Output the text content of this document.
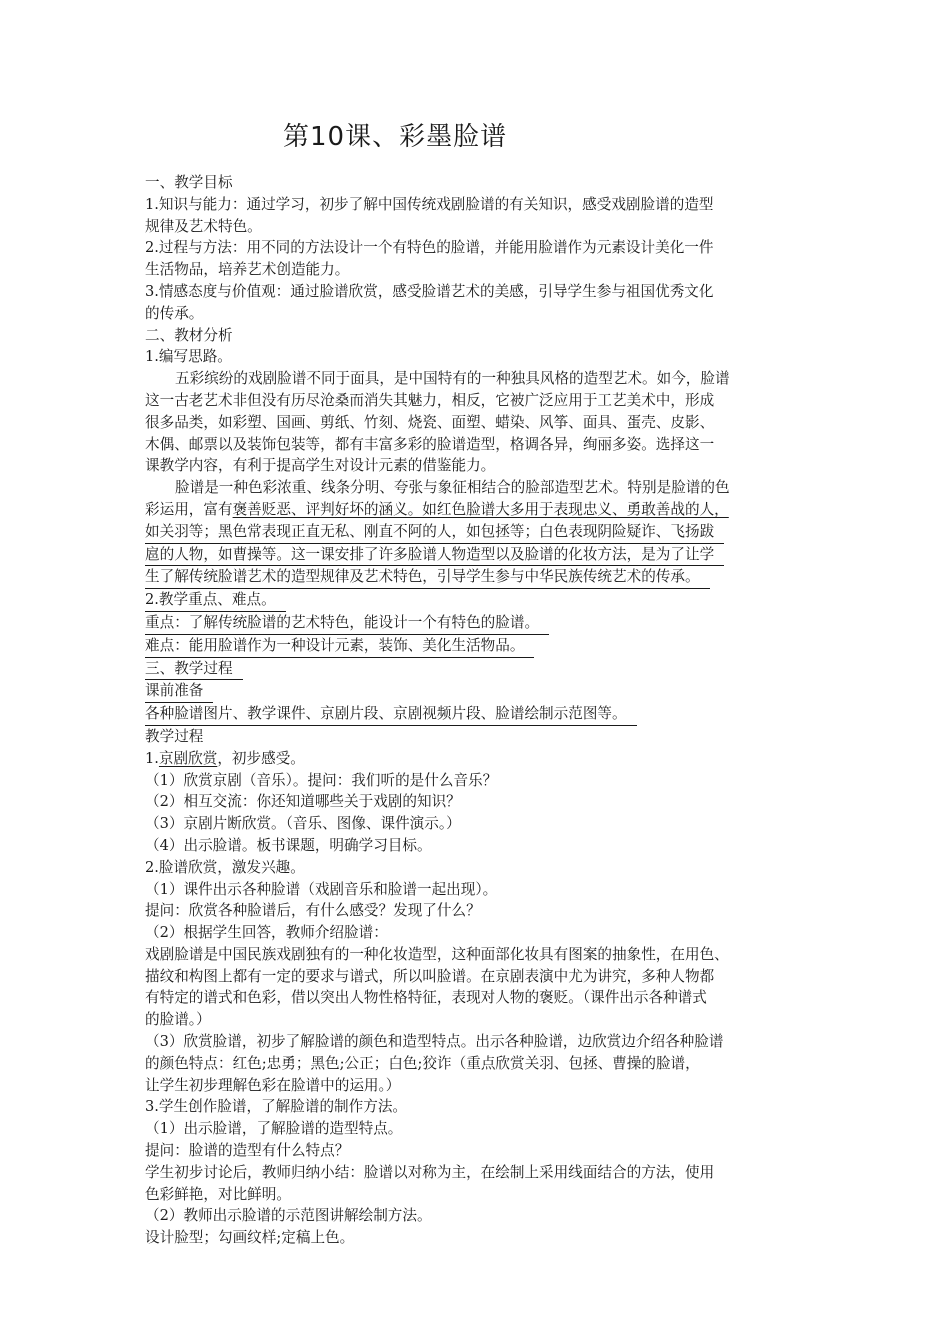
第10课、彩墨脸谱

一、教学目标

1.知识与能力：通过学习，初步了解中国传统戏剧脸谱的有关知识，感受戏剧脸谱的造型

规律及艺术特色。

2.过程与方法：用不同的方法设计一个有特色的脸谱，并能用脸谱作为元素设计美化一件

生活物品，培养艺术创造能力。

3.情感态度与价值观：通过脸谱欣赏，感受脸谱艺术的美感，引导学生参与祖国优秀文化

的传承。

二、教材分析

1.编写思路。

五彩缤纷的戏剧脸谱不同于面具，是中国特有的一种独具风格的造型艺术。如今，脸谱

这一古老艺术非但没有历尽沧桑而消失其魅力，相反，它被广泛应用于工艺美术中，形成

很多品类，如彩塑、国画、剪纸、竹刻、烧瓷、面塑、蜡染、风筝、面具、蛋壳、皮影、

木偶、邮票以及装饰包装等，都有丰富多彩的脸谱造型，格调各异，绚丽多姿。选择这一

课教学内容，有利于提高学生对设计元素的借鉴能力。

脸谱是一种色彩浓重、线条分明、夸张与象征相结合的脸部造型艺术。特别是脸谱的色

彩运用，富有褒善贬恶、评判好坏的涵义。如红色脸谱大多用于表现忠义、勇敢善战的人，

如关羽等；黑色常表现正直无私、刚直不阿的人，如包拯等；白色表现阴险疑诈、飞扬跋

扈的人物，如曹操等。这一课安排了许多脸谱人物造型以及脸谱的化妆方法，是为了让学

生了解传统脸谱艺术的造型规律及艺术特色，引导学生参与中华民族传统艺术的传承。

2.教学重点、难点。

重点：了解传统脸谱的艺术特色，能设计一个有特色的脸谱。

难点：能用脸谱作为一种设计元素，装饰、美化生活物品。

三、教学过程

课前准备

各种脸谱图片、教学课件、京剧片段、京剧视频片段、脸谱绘制示范图等。

教学过程

1.京剧欣赏，初步感受。

（1）欣赏京剧（音乐）。提问：我们听的是什么音乐？

（2）相互交流：你还知道哪些关于戏剧的知识？

（3）京剧片断欣赏。（音乐、图像、课件演示。）

（4）出示脸谱。板书课题，明确学习目标。

2.脸谱欣赏，激发兴趣。

（1）课件出示各种脸谱（戏剧音乐和脸谱一起出现）。

提问：欣赏各种脸谱后，有什么感受？发现了什么？

（2）根据学生回答，教师介绍脸谱：

戏剧脸谱是中国民族戏剧独有的一种化妆造型，这种面部化妆具有图案的抽象性，在用色、

描纹和构图上都有一定的要求与谱式，所以叫脸谱。在京剧表演中尤为讲究，多种人物都

有特定的谱式和色彩，借以突出人物性格特征，表现对人物的褒贬。（课件出示各种谱式

的脸谱。）

（3）欣赏脸谱，初步了解脸谱的颜色和造型特点。出示各种脸谱，边欣赏边介绍各种脸谱

的颜色特点：红色;忠勇；黑色;公正；白色;狡诈（重点欣赏关羽、包拯、曹操的脸谱，

让学生初步理解色彩在脸谱中的运用。）

3.学生创作脸谱，了解脸谱的制作方法。

（1）出示脸谱，了解脸谱的造型特点。

提问：脸谱的造型有什么特点？

学生初步讨论后，教师归纳小结：脸谱以对称为主，在绘制上采用线面结合的方法，使用

色彩鲜艳，对比鲜明。

（2）教师出示脸谱的示范图讲解绘制方法。

设计脸型；勾画纹样;定稿上色。
